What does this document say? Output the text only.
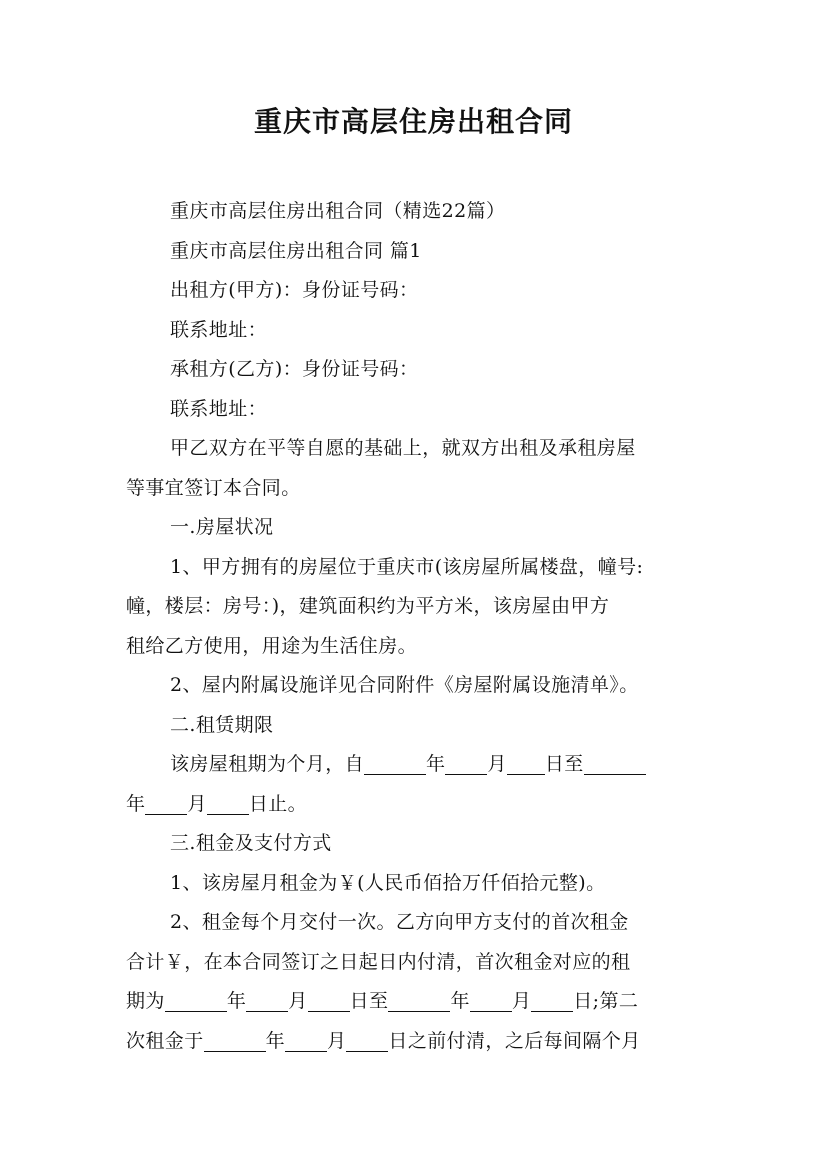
重庆市高层住房出租合同

重庆市高层住房出租合同（精选22篇）

重庆市高层住房出租合同 篇1

出租方(甲方)：身份证号码：

联系地址：

承租方(乙方)：身份证号码：

联系地址：

甲乙双方在平等自愿的基础上，就双方出租及承租房屋

等事宜签订本合同。

一.房屋状况

1、甲方拥有的房屋位于重庆市(该房屋所属楼盘，幢号:

幢，楼层：房号：)，建筑面积约为平方米，该房屋由甲方

租给乙方使用，用途为生活住房。

2、屋内附属设施详见合同附件《房屋附属设施清单》。

二.租赁期限

该房屋租期为个月，自	年 月 日至

年 月 日止。

三.租金及支付方式

1、该房屋月租金为￥(人民币佰拾万仟佰拾元整)。

2、租金每个月交付一次。乙方向甲方支付的首次租金

合计￥，在本合同签订之日起日内付清，首次租金对应的租

期为	年 月 日至	年 月 日;第二

次租金于	年 月 日之前付清，之后每间隔个月
